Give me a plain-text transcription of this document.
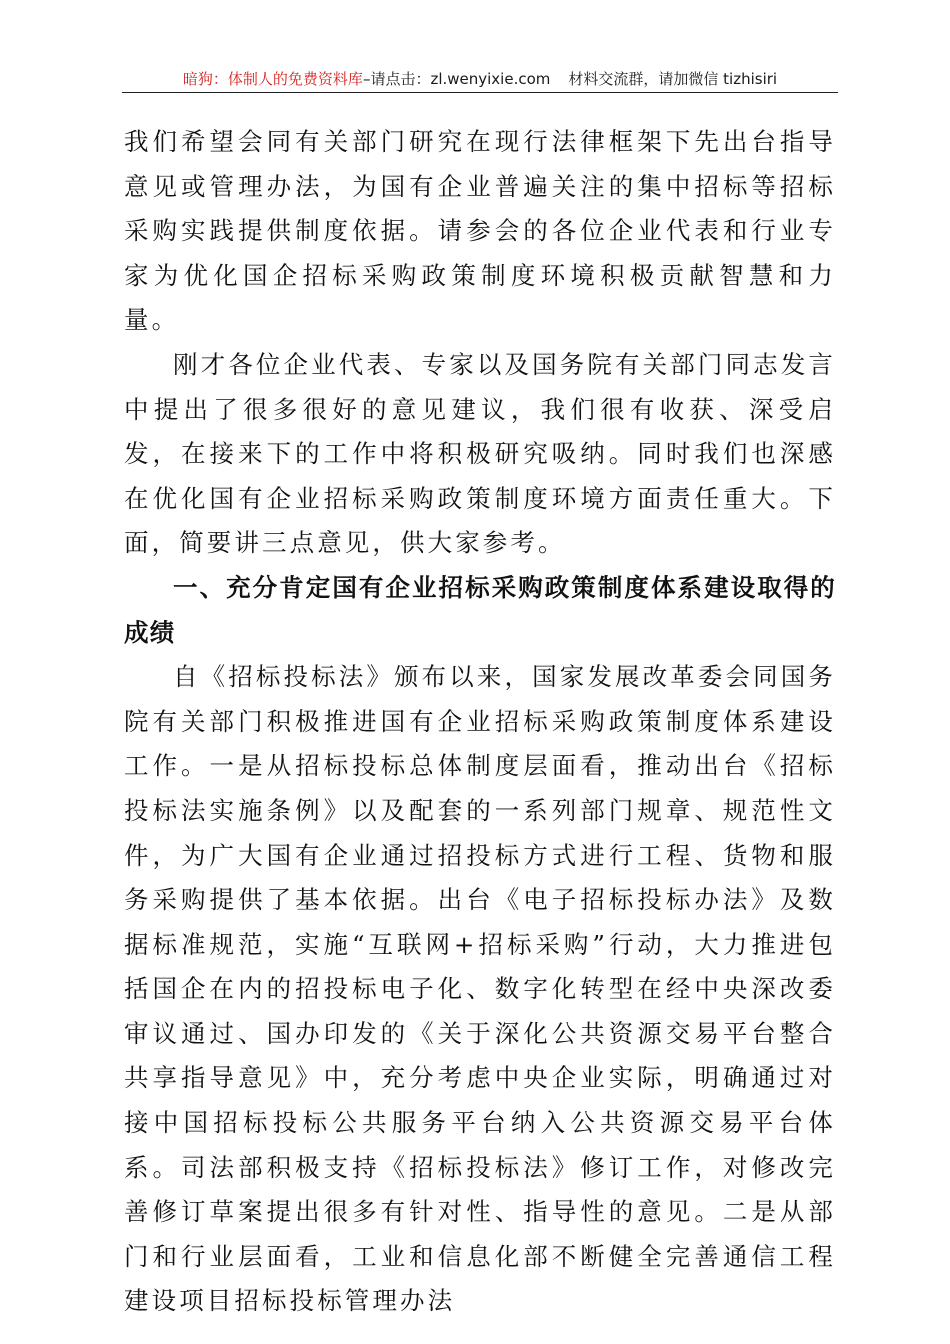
暗狗：体制人的免费资料库–请点击：zl.wenyixie.com 材料交流群，请加微信 tizhisiri

我们希望会同有关部门研究在现行法律框架下先出台指导意见或管理办法，为国有企业普遍关注的集中招标等招标采购实践提供制度依据。请参会的各位企业代表和行业专家为优化国企招标采购政策制度环境积极贡献智慧和力量。

刚才各位企业代表、专家以及国务院有关部门同志发言中提出了很多很好的意见建议，我们很有收获、深受启发，在接来下的工作中将积极研究吸纳。同时我们也深感在优化国有企业招标采购政策制度环境方面责任重大。下面，简要讲三点意见，供大家参考。

一、充分肯定国有企业招标采购政策制度体系建设取得的成绩

自《招标投标法》颁布以来，国家发展改革委会同国务院有关部门积极推进国有企业招标采购政策制度体系建设工作。一是从招标投标总体制度层面看，推动出台《招标投标法实施条例》以及配套的一系列部门规章、规范性文件，为广大国有企业通过招投标方式进行工程、货物和服务采购提供了基本依据。出台《电子招标投标办法》及数据标准规范，实施“互联网+招标采购”行动，大力推进包括国企在内的招投标电子化、数字化转型在经中央深改委审议通过、国办印发的《关于深化公共资源交易平台整合共享指导意见》中，充分考虑中央企业实际，明确通过对接中国招标投标公共服务平台纳入公共资源交易平台体系。司法部积极支持《招标投标法》修订工作，对修改完善修订草案提出很多有针对性、指导性的意见。二是从部门和行业层面看，工业和信息化部不断健全完善通信工程建设项目招标投标管理办法
